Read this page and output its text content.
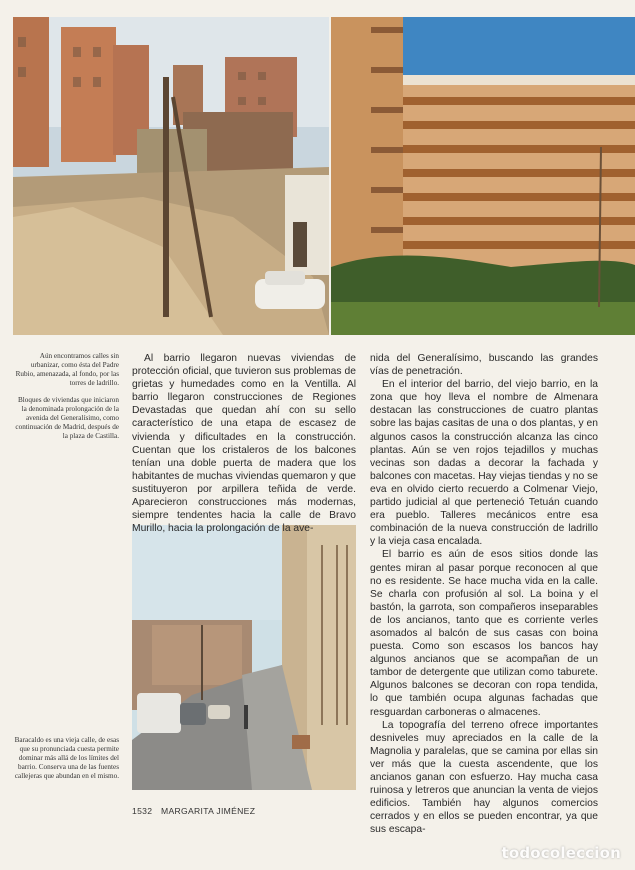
Aún encontramos calles sin urbanizar, como ésta del Padre Rubio, amenazada, al fondo, por las torres de ladrillo.
Bloques de viviendas que iniciaron la denominada prolongación de la avenida del Generalísimo, como continuación de Madrid, después de la plaza de Castilla.
Baracaldo es una vieja calle, de esas que su pronunciada cuesta permite dominar más allá de los límites del barrio. Conserva una de las fuentes callejeras que abundan en el mismo.

Al barrio llegaron nuevas viviendas de protección oficial, que tuvieron sus problemas de grietas y humedades como en la Ventilla. Al barrio llegaron construcciones de Regiones Devastadas que quedan ahí con su sello característico de una etapa de escasez de vivienda y dificultades en la construcción. Cuentan que los cristaleros de los balcones tenían una doble puerta de madera que los habitantes de muchas viviendas quemaron y que sustituyeron por arpillera teñida de verde. Aparecieron construcciones más modernas, siempre tendentes hacia la calle de Bravo Murillo, hacia la prolongación de la ave-

nida del Generalísimo, buscando las grandes vías de penetración.

En el interior del barrio, del viejo barrio, en la zona que hoy lleva el nombre de Almenara destacan las construcciones de cuatro plantas sobre las bajas casitas de una o dos plantas, y en algunos casos la construcción alcanza las cinco plantas. Aún se ven rojos tejadillos y muchas vecinas son dadas a decorar la fachada y balcones con macetas. Hay viejas tiendas y no se eva en olvido cierto recuerdo a Colmenar Viejo, partido judicial al que perteneció Tetuán cuando era pueblo. Talleres mecánicos entre esa combinación de la nueva construcción de ladrillo y la vieja casa encalada.

El barrio es aún de esos sitios donde las gentes miran al pasar porque reconocen al que no es residente. Se hace mucha vida en la calle. Se charla con profusión al sol. La boina y el bastón, la garrota, son compañeros inseparables de los ancianos, tanto que es corriente verles asomados al balcón de sus casas con boina puesta. Como son escasos los bancos hay algunos ancianos que se acompañan de un tambor de detergente que utilizan como taburete. Algunos balcones se decoran con ropa tendida, lo que también ocupa algunas fachadas que resguardan carboneras o almacenes.

La topografía del terreno ofrece importantes desniveles muy apreciados en la calle de la Magnolia y paralelas, que se camina por ellas sin ver más que la cuesta ascendente, que los ancianos ganan con esfuerzo. Hay mucha casa ruinosa y letreros que anuncian la venta de viejos edificios. También hay algunos comercios cerrados y en ellos se pueden encontrar, ya que sus escapa-

1532 MARGARITA JIMÉNEZ
todocoleccion
